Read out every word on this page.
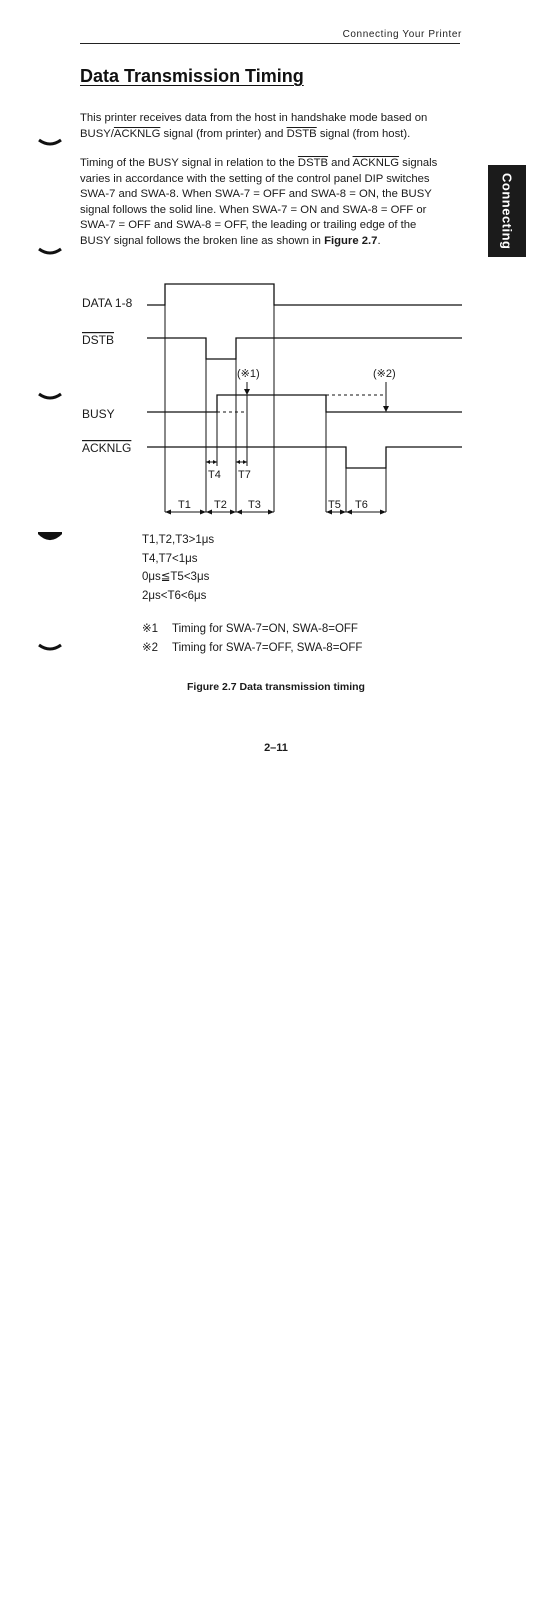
Connecting Your Printer
Connecting
Data Transmission Timing
This printer receives data from the host in handshake mode based on
BUSY/ACKNLG signal (from printer) and DSTB signal (from host).
Timing of the BUSY signal in relation to the DSTB and ACKNLG signals
varies in accordance with the setting of the control panel DIP switches
SWA-7 and SWA-8. When SWA-7 = OFF and SWA-8 = ON, the BUSY
signal follows the solid line. When SWA-7 = ON and SWA-8 = OFF or
SWA-7 = OFF and SWA-8 = OFF, the leading or trailing edge of the
BUSY signal follows the broken line as shown in Figure 2.7.
DATA 1-8
DSTB
BUSY
ACKNLG
(※1)	(※2)
T4 T7
T1 T2 T3	T5 T6
T1,T2,T3>1μs
T4,T7<1μs
0μs≦T5<3μs
2μs<T6<6μs
※1 Timing for SWA-7=ON, SWA-8=OFF
※2 Timing for SWA-7=OFF, SWA-8=OFF
Figure 2.7 Data transmission timing
2–11
